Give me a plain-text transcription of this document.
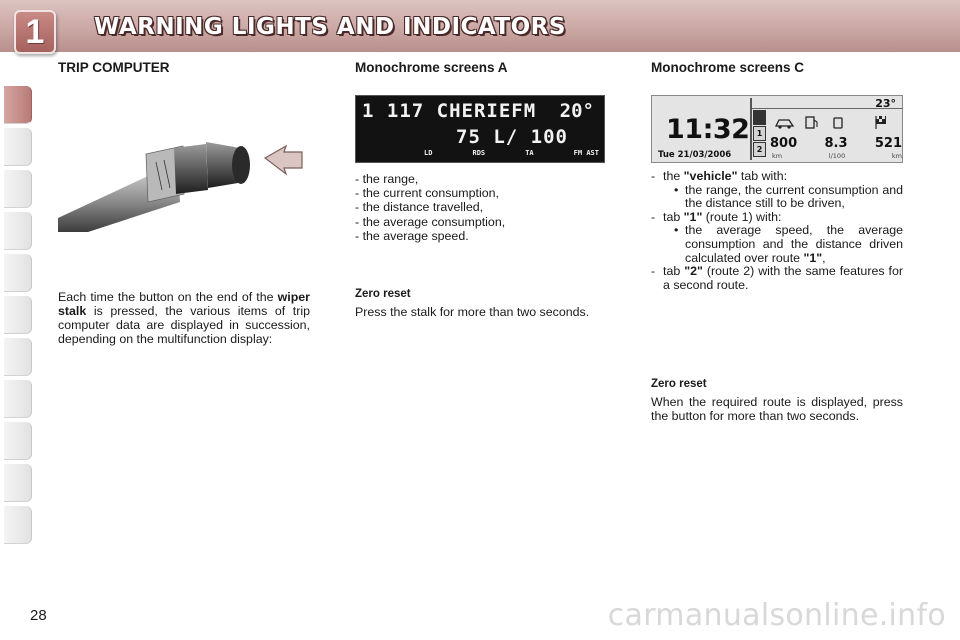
1 WARNING LIGHTS AND INDICATORS
TRIP COMPUTER
Each time the button on the end of the wiper stalk is pressed, the various items of trip computer data are displayed in succession, depending on the multifunction display:
Monochrome screens A
1 117 CHERIEFM 20°
75 L/ 100
LD	RDS	TA	FM AST
- the range,
- the current consumption,
- the distance travelled,
- the average consumption,
- the average speed.
Zero reset
Press the stalk for more than two seconds.
Monochrome screens C
11:32
Tue 21/03/2006
23°
1
2 800 8.3 521
km	l/100	km
- the "vehicle" tab with:
• the range, the current consumption and the distance still to be driven,
- tab "1" (route 1) with:
• the average speed, the average consumption and the distance driven calculated over route "1",
- tab "2" (route 2) with the same features for a second route.
Zero reset
When the required route is displayed, press the button for more than two seconds.
28	carmanualsonline.info
